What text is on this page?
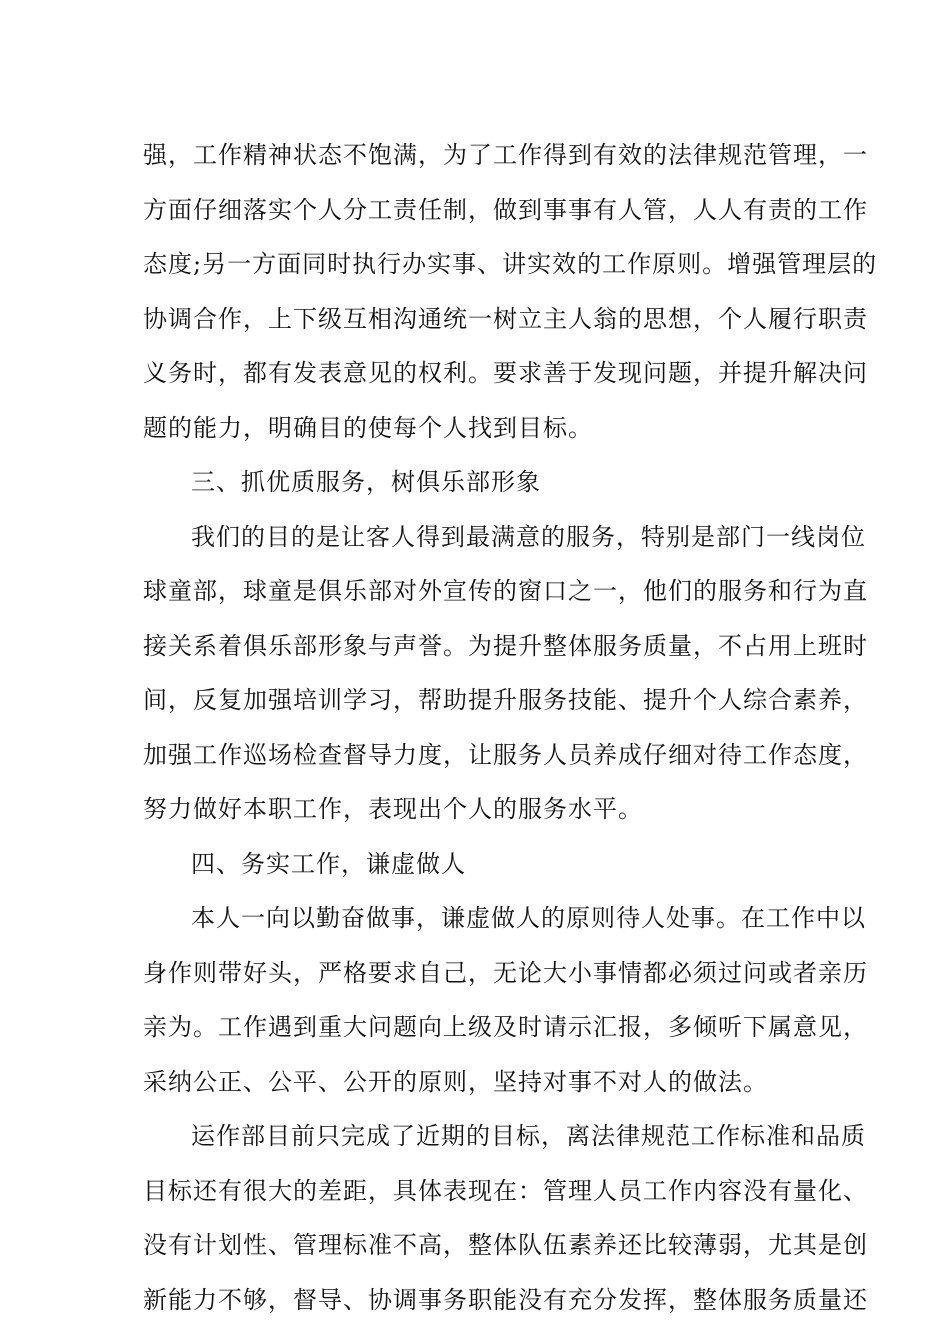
强，工作精神状态不饱满，为了工作得到有效的法律规范管理，一
方面仔细落实个人分工责任制，做到事事有人管，人人有责的工作
态度;另一方面同时执行办实事、讲实效的工作原则。增强管理层的
协调合作，上下级互相沟通统一树立主人翁的思想，个人履行职责
义务时，都有发表意见的权利。要求善于发现问题，并提升解决问
题的能力，明确目的使每个人找到目标。
三、抓优质服务，树俱乐部形象
我们的目的是让客人得到最满意的服务，特别是部门一线岗位
球童部，球童是俱乐部对外宣传的窗口之一，他们的服务和行为直
接关系着俱乐部形象与声誉。为提升整体服务质量，不占用上班时
间，反复加强培训学习，帮助提升服务技能、提升个人综合素养，
加强工作巡场检查督导力度，让服务人员养成仔细对待工作态度，
努力做好本职工作，表现出个人的服务水平。
四、务实工作，谦虚做人
本人一向以勤奋做事，谦虚做人的原则待人处事。在工作中以
身作则带好头，严格要求自己，无论大小事情都必须过问或者亲历
亲为。工作遇到重大问题向上级及时请示汇报，多倾听下属意见，
采纳公正、公平、公开的原则，坚持对事不对人的做法。
运作部目前只完成了近期的目标，离法律规范工作标准和品质
目标还有很大的差距，具体表现在：管理人员工作内容没有量化、
没有计划性、管理标准不高，整体队伍素养还比较薄弱，尤其是创
新能力不够，督导、协调事务职能没有充分发挥，整体服务质量还
